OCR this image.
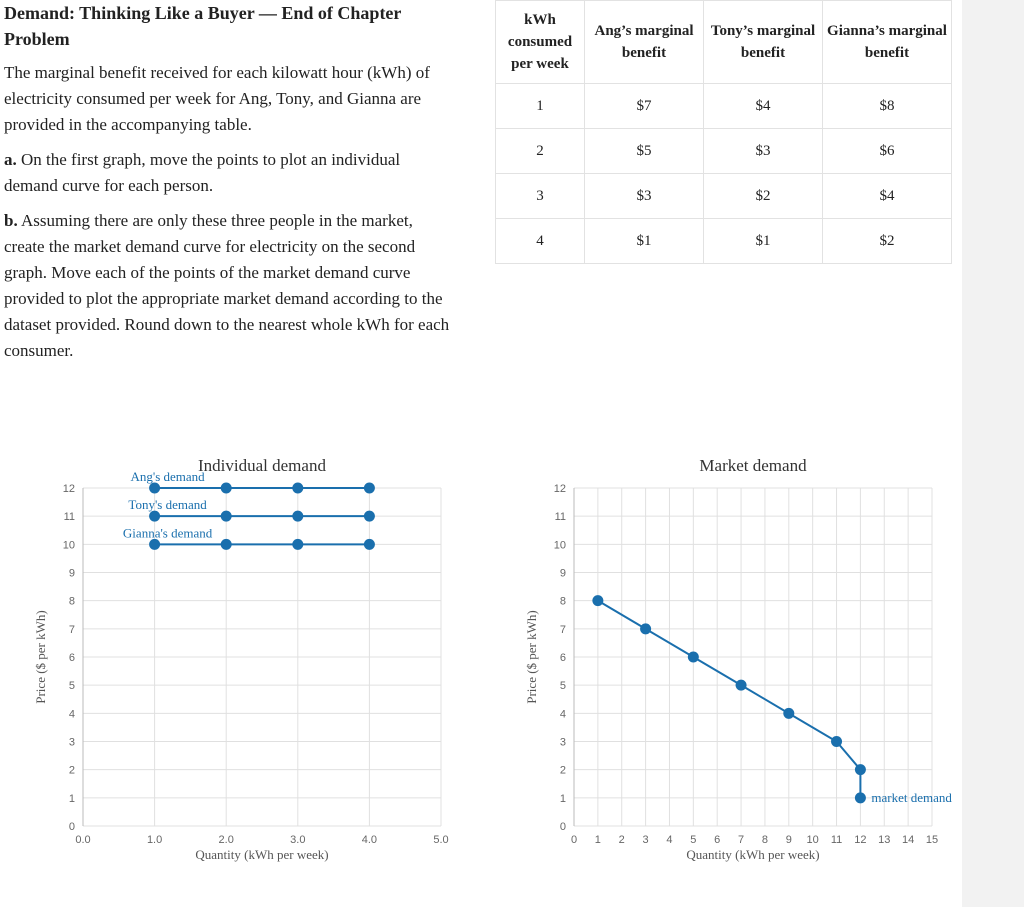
Demand: Thinking Like a Buyer — End of Chapter Problem

The marginal benefit received for each kilowatt hour (kWh) of electricity consumed per week for Ang, Tony, and Gianna are provided in the accompanying table.

a. On the first graph, move the points to plot an individual demand curve for each person.

b. Assuming there are only these three people in the market, create the market demand curve for electricity on the second graph. Move each of the points of the market demand curve provided to plot the appropriate market demand according to the dataset provided. Round down to the nearest whole kWh for each consumer.

kWh consumed per week	Ang’s marginal benefit	Tony’s marginal benefit	Gianna’s marginal benefit
1	$7	$4	$8
2	$5	$3	$6
3	$3	$2	$4
4	$1	$1	$2
0.0	1.0	2.0	3.0	4.0	5.0
0
1
2
3
4
5
6
7
8
9
10
11
12
Individual demand
Quantity (kWh per week)
Price ($ per kWh)
Ang's demand
Tony's demand
Gianna's demand
0 1 2 3 4 5 6 7 8 9 10 11 12 13 14 15
0
1
2
3
4
5
6
7
8
9
10
11
12
Market demand
Quantity (kWh per week)
Price ($ per kWh)
market demand
